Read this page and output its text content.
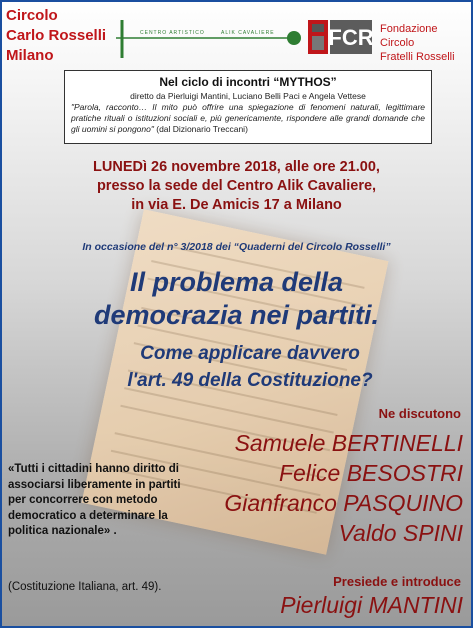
Circolo
Carlo Rosselli
Milano
CENTRO ARTISTICO	ALIK CAVALIERE FCR Fondazione Circolo
Fratelli Rosselli
Nel ciclo di incontri “MYTHOS”
diretto da Pierluigi Mantini, Luciano Belli Paci e Angela Vettese
"Parola, racconto… Il mito può offrire una spiegazione di fenomeni naturali, legittimare pratiche rituali o istituzioni sociali e, più genericamente, rispondere alle grandi domande che gli uomini si pongono" (dal Dizionario Treccani)
LUNEDì 26 novembre 2018, alle ore 21.00,
presso la sede del Centro Alik Cavaliere,
in via E. De Amicis 17 a Milano
In occasione del n° 3/2018 dei “Quaderni del Circolo Rosselli”
Il problema della
democrazia nei partiti.
Come applicare davvero
l'art. 49 della Costituzione?
Ne discutono
Samuele BERTINELLI
Felice BESOSTRI
Gianfranco PASQUINO
Valdo SPINI
«Tutti i cittadini hanno diritto di associarsi liberamente in partiti per concorrere con metodo democratico a determinare la politica nazionale» .
(Costituzione Italiana, art. 49).	Presiede e introduce
Pierluigi MANTINI
